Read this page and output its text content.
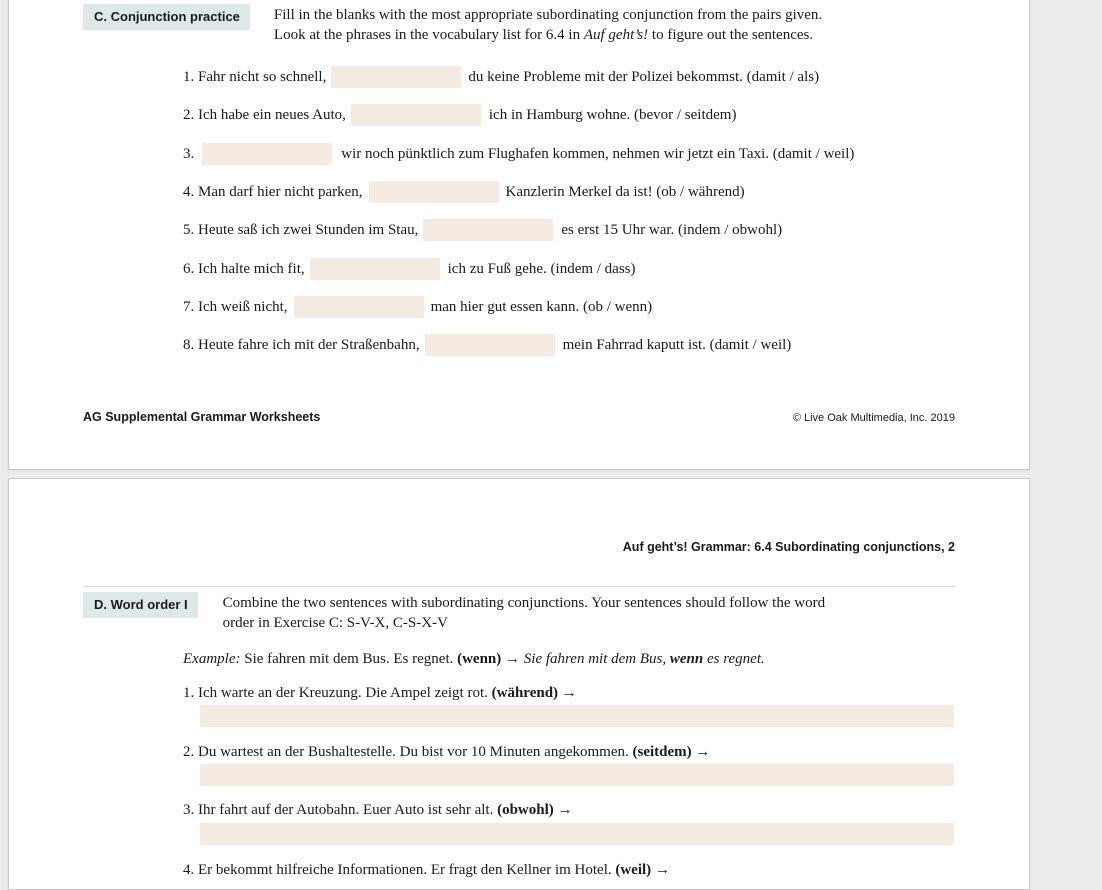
C. Conjunction practice	Fill in the blanks with the most appropriate subordinating conjunction from the pairs given.

Look at the phrases in the vocabulary list for 6.4 in Auf geht’s! to figure out the sentences.

1. Fahr nicht so schnell,	du keine Probleme mit der Polizei bekommst. (damit / als)
2. Ich habe ein neues Auto,	ich in Hamburg wohne. (bevor / seitdem)
3.	wir noch pünktlich zum Flughafen kommen, nehmen wir jetzt ein Taxi. (damit / weil)
4. Man darf hier nicht parken,	Kanzlerin Merkel da ist! (ob / während)
5. Heute saß ich zwei Stunden im Stau,	es erst 15 Uhr war. (indem / obwohl)
6. Ich halte mich fit,	ich zu Fuß gehe. (indem / dass)
7. Ich weiß nicht,	man hier gut essen kann. (ob / wenn)
8. Heute fahre ich mit der Straßenbahn,	mein Fahrrad kaputt ist. (damit / weil)
AG Supplemental Grammar Worksheets	© Live Oak Multimedia, Inc. 2019
Auf geht’s! Grammar: 6.4 Subordinating conjunctions, 2
D. Word order I	Combine the two sentences with subordinating conjunctions. Your sentences should follow the word

order in Exercise C: S-V-X, C-S-X-V

Example: Sie fahren mit dem Bus. Es regnet. (wenn) → Sie fahren mit dem Bus, wenn es regnet.
1. Ich warte an der Kreuzung. Die Ampel zeigt rot. (während) →
2. Du wartest an der Bushaltestelle. Du bist vor 10 Minuten angekommen. (seitdem) →
3. Ihr fahrt auf der Autobahn. Euer Auto ist sehr alt. (obwohl) →
4. Er bekommt hilfreiche Informationen. Er fragt den Kellner im Hotel. (weil) →
